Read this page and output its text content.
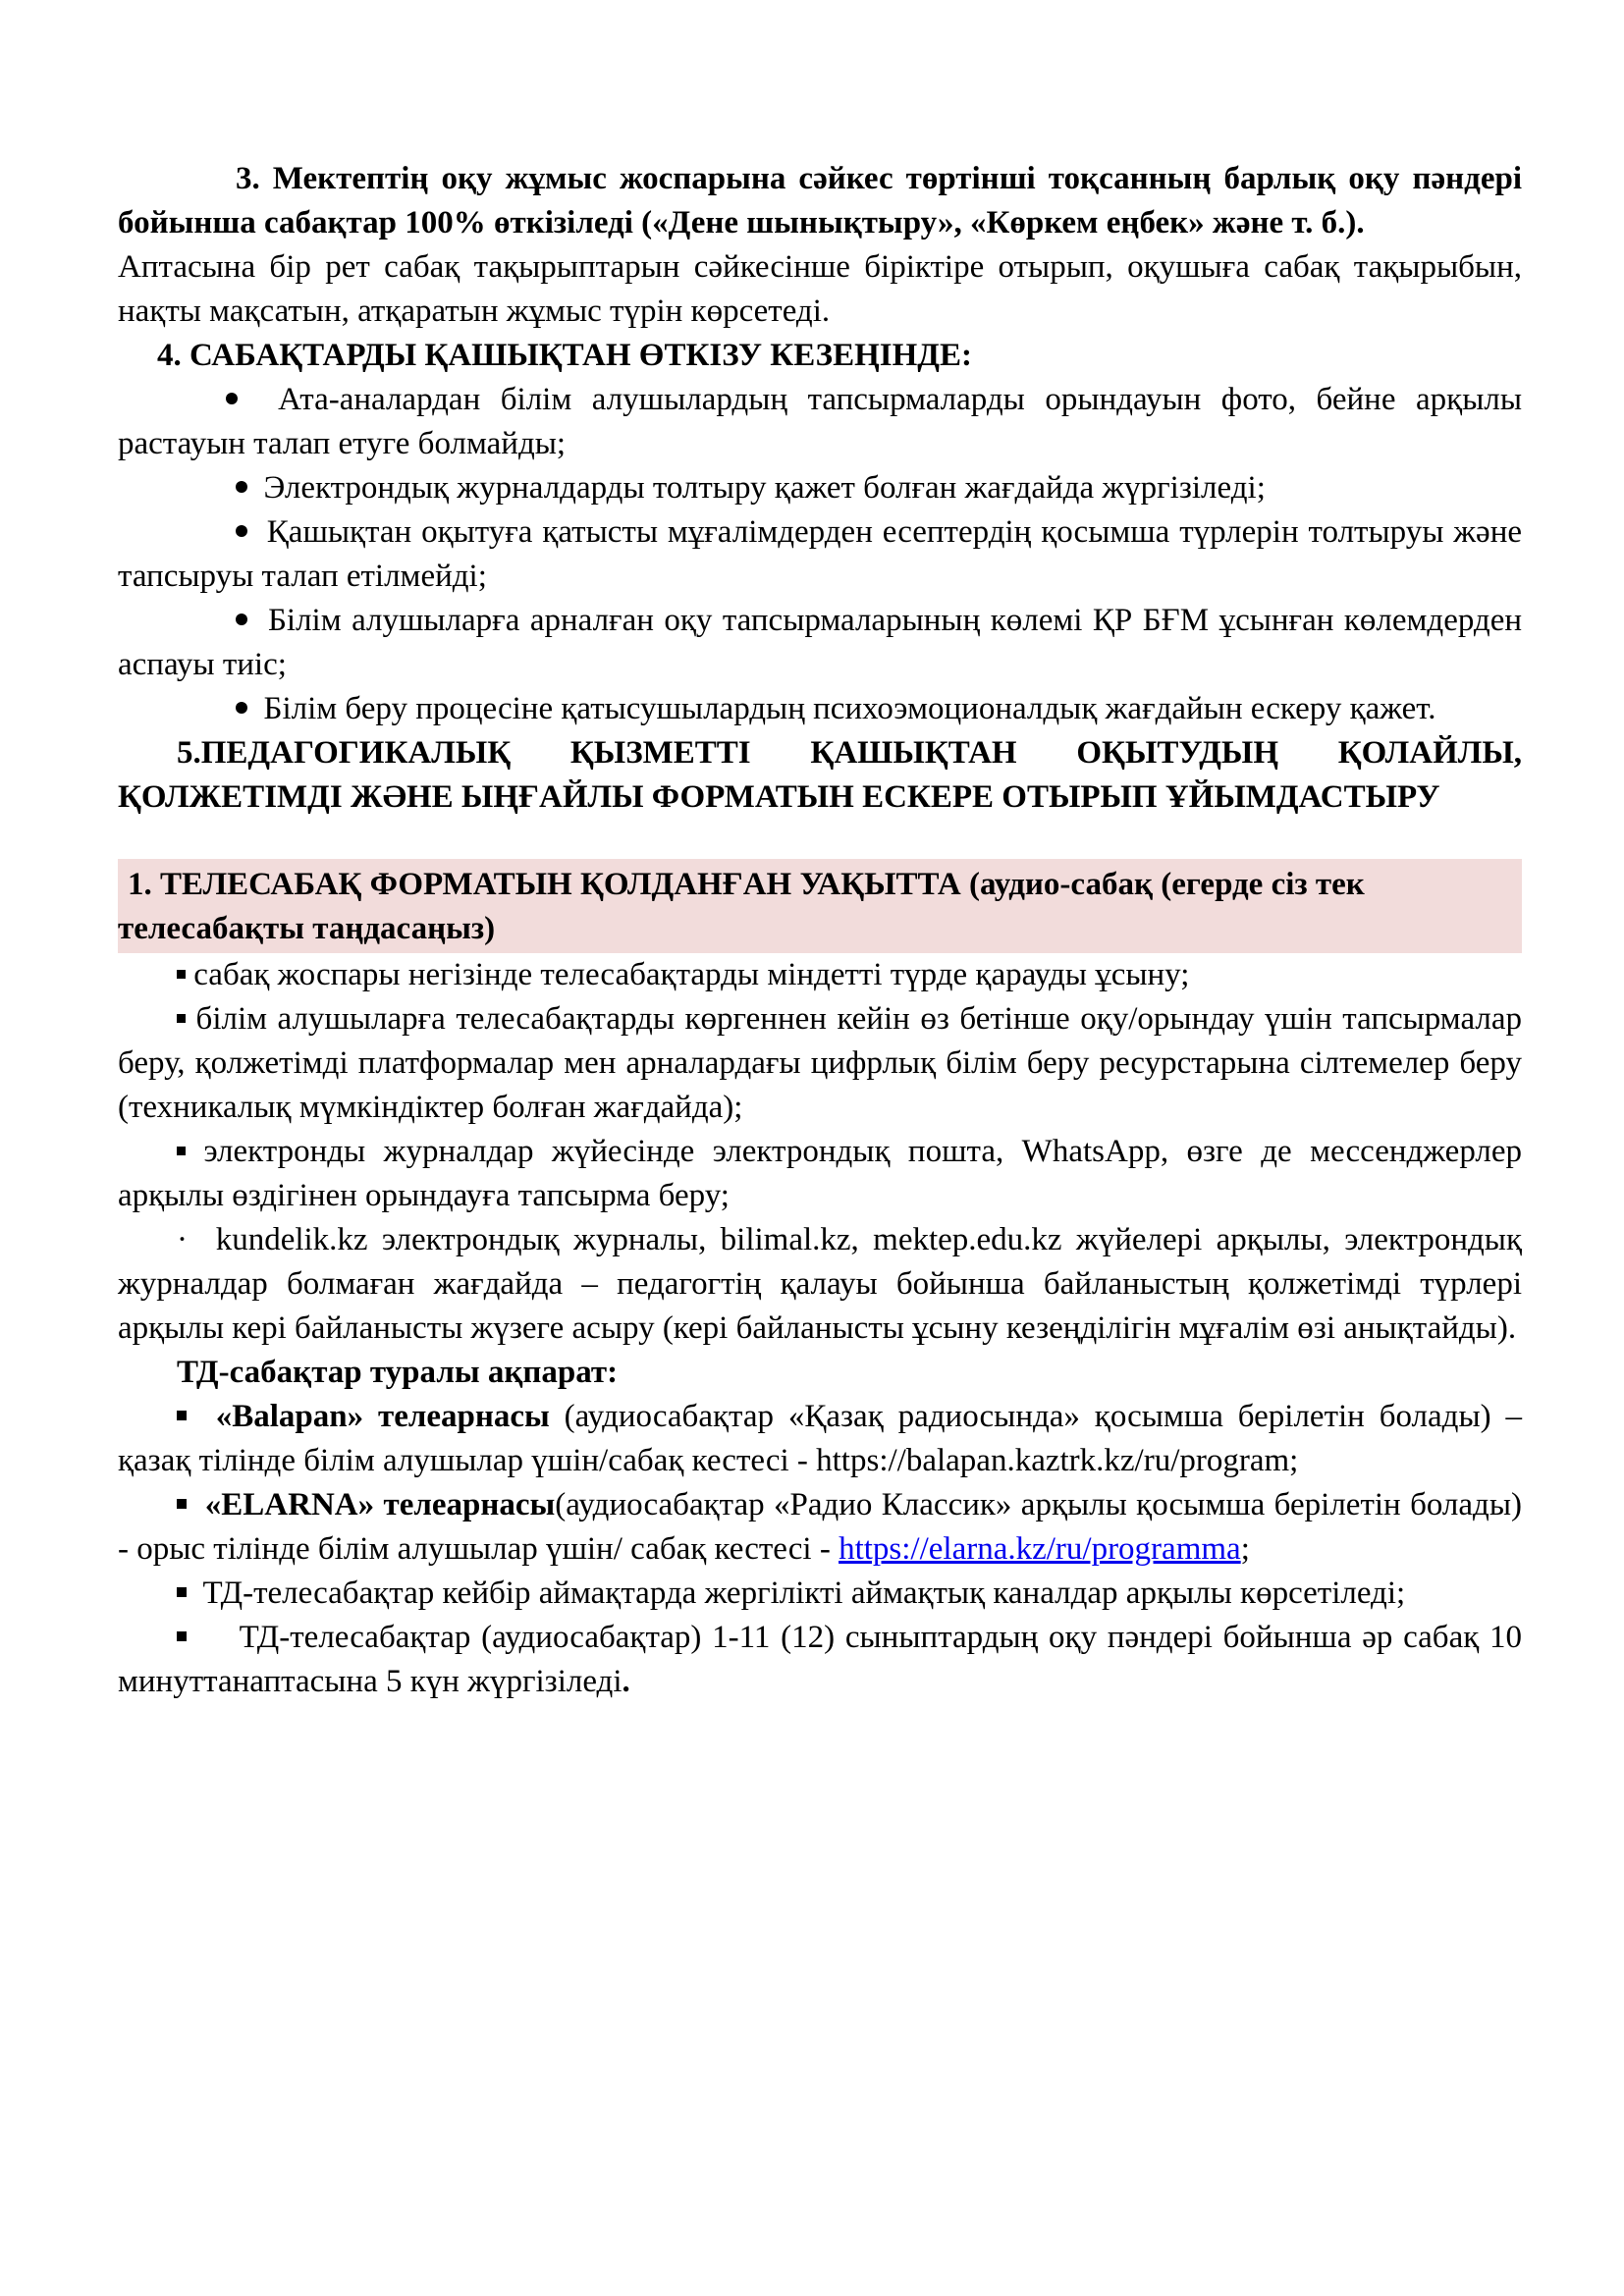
3. Мектептің оқу жұмыс жоспарына сәйкес төртінші тоқсанның барлық оқу пәндері бойынша сабақтар 100% өткізіледі («Дене шынықтыру», «Көркем еңбек» және т. б.).

Аптасына бір рет сабақ тақырыптарын сәйкесінше біріктіре отырып, оқушыға сабақ тақырыбын, нақты мақсатын, атқаратын жұмыс түрін көрсетеді.

4. САБАҚТАРДЫ ҚАШЫҚТАН ӨТКІЗУ КЕЗЕҢІНДЕ:

Ата-аналардан білім алушылардың тапсырмаларды орындауын фото, бейне арқылы растауын талап етуге болмайды;

Электрондық журналдарды толтыру қажет болған жағдайда жүргізіледі;

Қашықтан оқытуға қатысты мұғалімдерден есептердің қосымша түрлерін толтыруы және тапсыруы талап етілмейді;

Білім алушыларға арналған оқу тапсырмаларының көлемі ҚР БҒМ ұсынған көлемдерден аспауы тиіс;

Білім беру процесіне қатысушылардың психоэмоционалдық жағдайын ескеру қажет.

5.ПЕДАГОГИКАЛЫҚ ҚЫЗМЕТТІ ҚАШЫҚТАН ОҚЫТУДЫҢ ҚОЛАЙЛЫ, ҚОЛЖЕТІМДІ ЖӘНЕ ЫҢҒАЙЛЫ ФОРМАТЫН ЕСКЕРЕ ОТЫРЫП ҰЙЫМДАСТЫРУ

1. ТЕЛЕСАБАҚ ФОРМАТЫН ҚОЛДАНҒАН УАҚЫТТА (аудио-сабақ (егерде сіз тек телесабақты таңдасаңыз)

сабақ жоспары негізінде телесабақтарды міндетті түрде қарауды ұсыну;

білім алушыларға телесабақтарды көргеннен кейін өз бетінше оқу/орындау үшін тапсырмалар беру, қолжетімді платформалар мен арналардағы цифрлық білім беру ресурстарына сілтемелер беру (техникалық мүмкіндіктер болған жағдайда);

электронды журналдар жүйесінде электрондық пошта, WhatsApp, өзге де мессенджерлер арқылы өздігінен орындауға тапсырма беру;

· kundelik.kz электрондық журналы, bilimal.kz, mektep.edu.kz жүйелері арқылы, электрондық журналдар болмаған жағдайда – педагогтің қалауы бойынша байланыстың қолжетімді түрлері арқылы кері байланысты жүзеге асыру (кері байланысты ұсыну кезеңділігін мұғалім өзі анықтайды).

ТД-сабақтар туралы ақпарат:

«Balapan» телеарнасы (аудиосабақтар «Қазақ радиосында» қосымша берілетін болады) – қазақ тілінде білім алушылар үшін/сабақ кестесі - https://balapan.kaztrk.kz/ru/program;

«ELARNA» телеарнасы(аудиосабақтар «Радио Классик» арқылы қосымша берілетін болады) - орыс тілінде білім алушылар үшін/ сабақ кестесі - https://elarna.kz/ru/programma;

ТД-телесабақтар кейбір аймақтарда жергілікті аймақтық каналдар арқылы көрсетіледі;

ТД-телесабақтар (аудиосабақтар) 1-11 (12) сыныптардың оқу пәндері бойынша әр сабақ 10 минуттанаптасына 5 күн жүргізіледі.
